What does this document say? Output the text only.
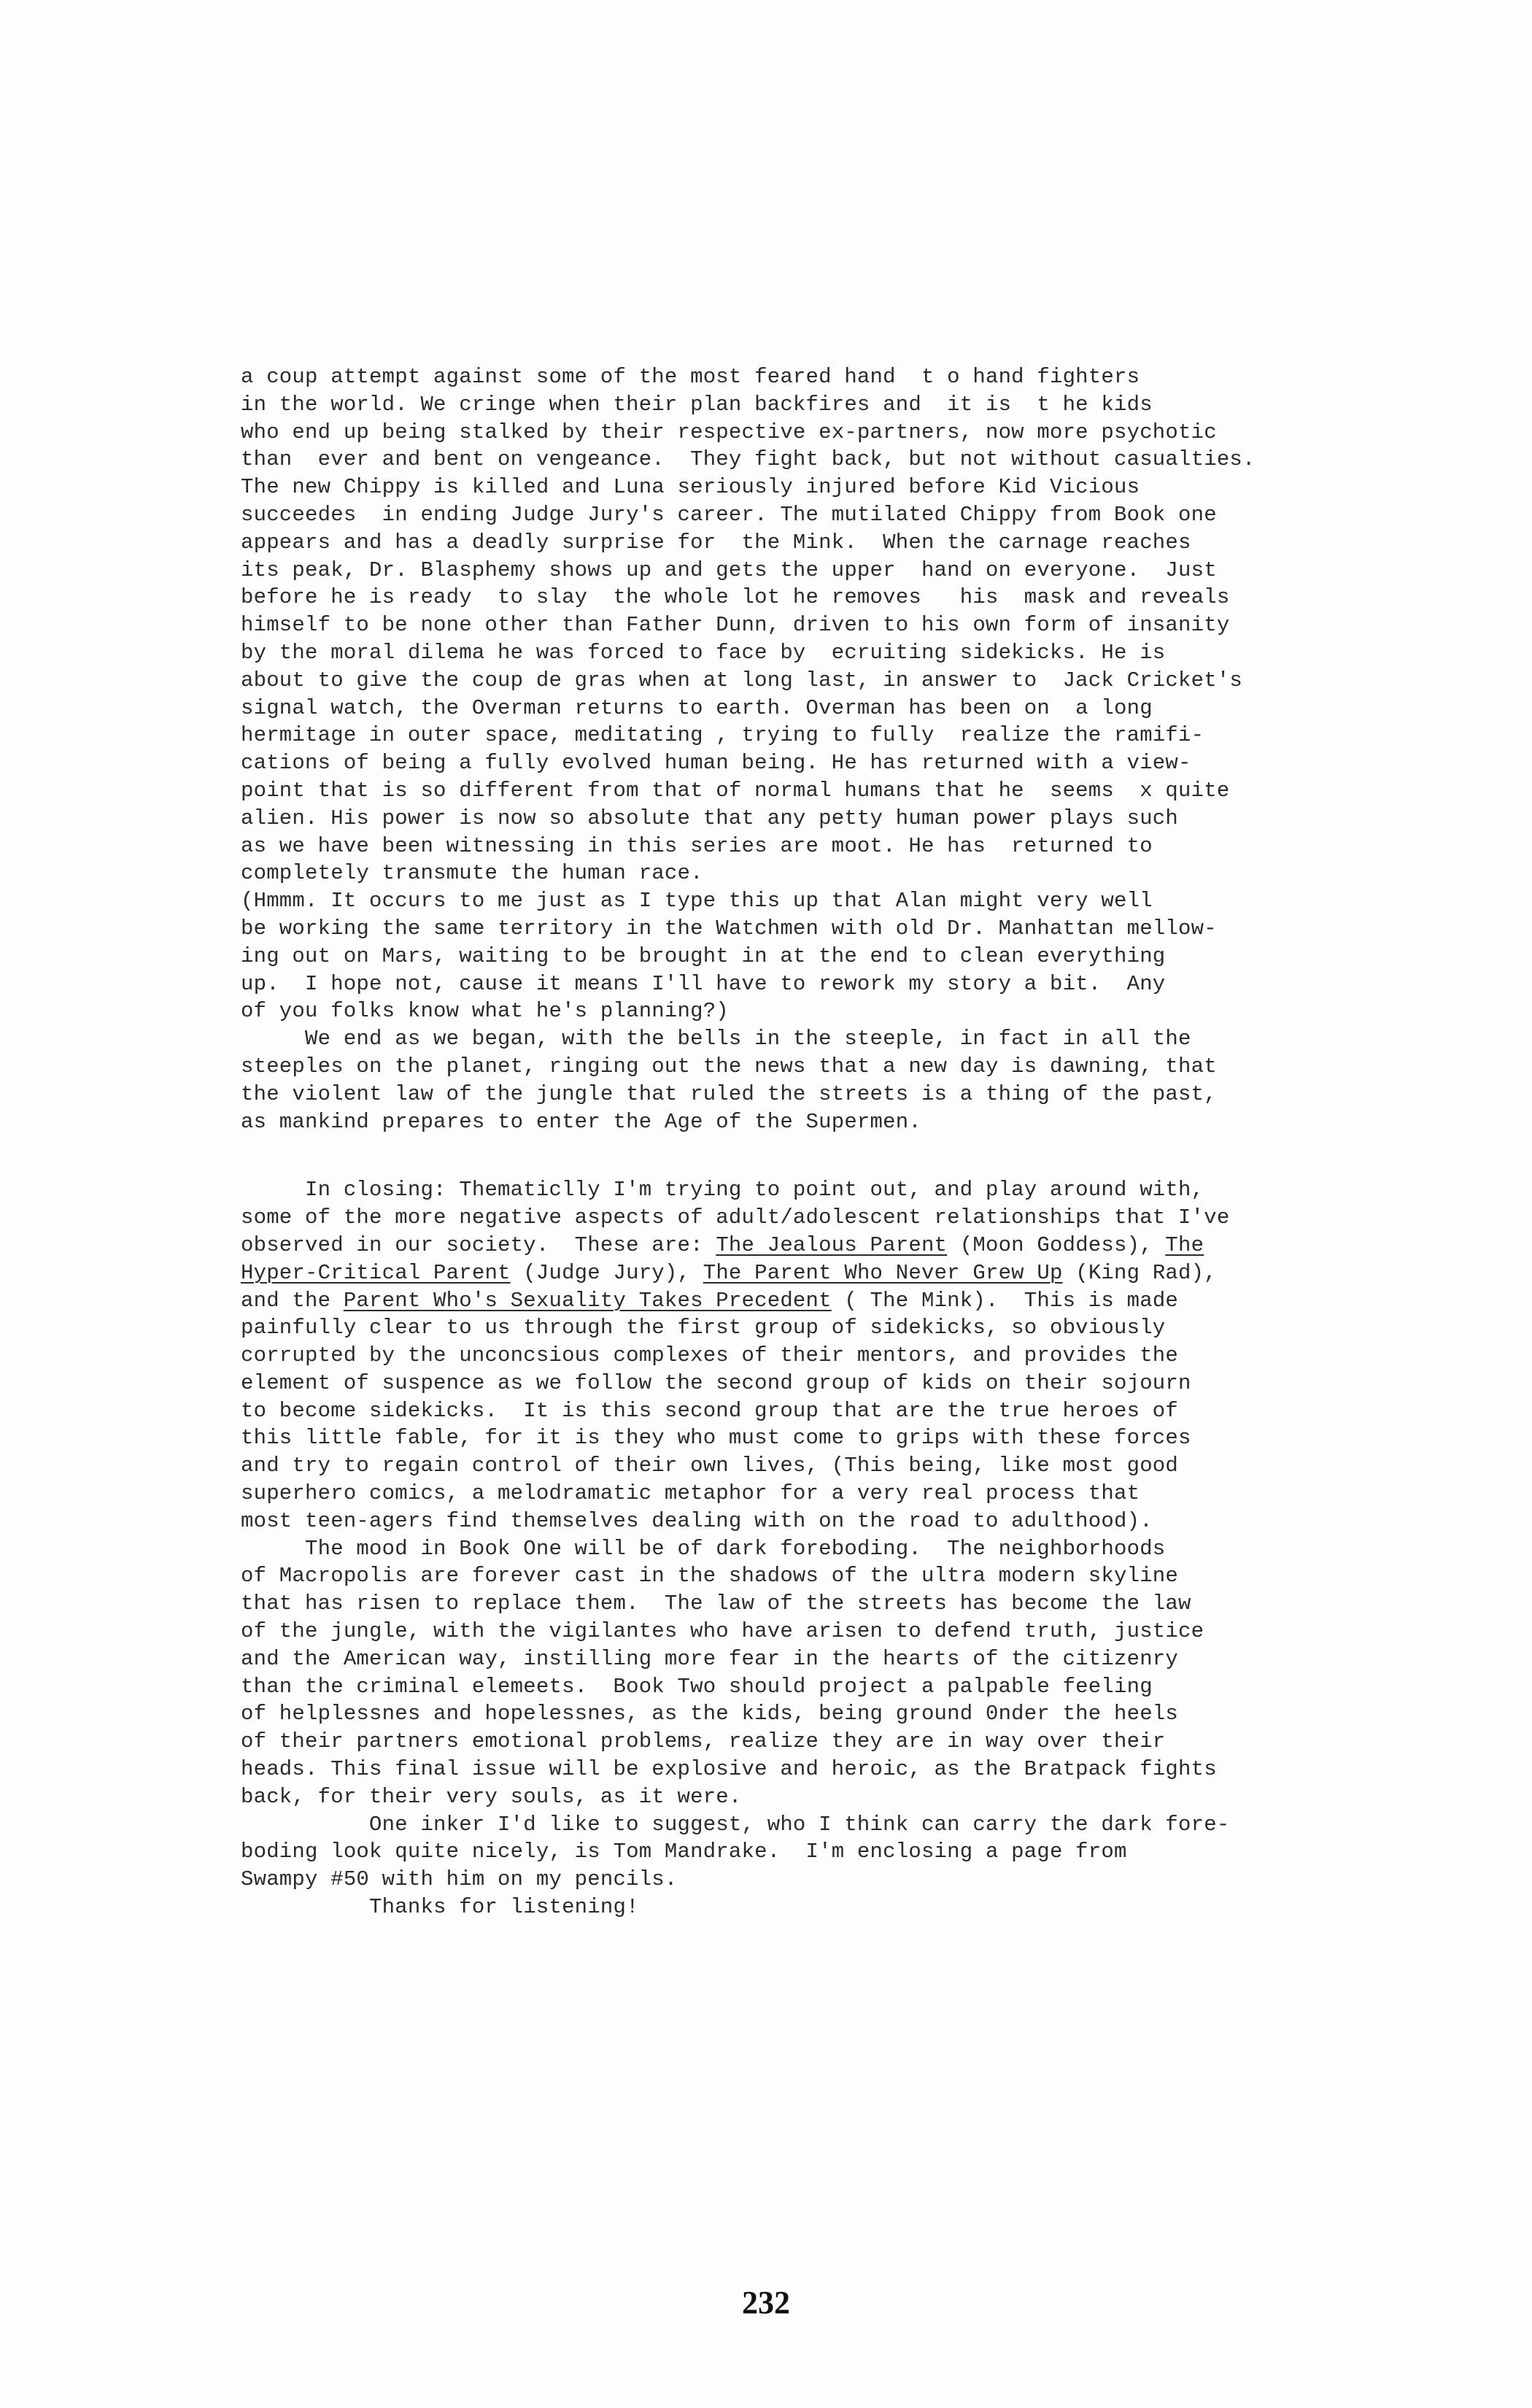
a coup attempt against some of the most feared hand  t o hand fighters
in the world. We cringe when their plan backfires and  it is  t he kids
who end up being stalked by their respective ex-partners, now more psychotic
than  ever and bent on vengeance.  They fight back, but not without casualties.
The new Chippy is killed and Luna seriously injured before Kid Vicious
succeedes  in ending Judge Jury's career. The mutilated Chippy from Book one
appears and has a deadly surprise for  the Mink.  When the carnage reaches
its peak, Dr. Blasphemy shows up and gets the upper  hand on everyone.  Just
before he is ready  to slay  the whole lot he removes   his  mask and reveals
himself to be none other than Father Dunn, driven to his own form of insanity
by the moral dilema he was forced to face by  ecruiting sidekicks. He is
about to give the coup de gras when at long last, in answer to  Jack Cricket's
signal watch, the Overman returns to earth. Overman has been on  a long
hermitage in outer space, meditating , trying to fully  realize the ramifi-
cations of being a fully evolved human being. He has returned with a view-
point that is so different from that of normal humans that he  seems  x quite
alien. His power is now so absolute that any petty human power plays such
as we have been witnessing in this series are moot. He has  returned to
completely transmute the human race.
(Hmmm. It occurs to me just as I type this up that Alan might very well
be working the same territory in the Watchmen with old Dr. Manhattan mellow-
ing out on Mars, waiting to be brought in at the end to clean everything
up.  I hope not, cause it means I'll have to rework my story a bit.  Any
of you folks know what he's planning?)
We end as we began, with the bells in the steeple, in fact in all the
steeples on the planet, ringing out the news that a new day is dawning, that
the violent law of the jungle that ruled the streets is a thing of the past,
as mankind prepares to enter the Age of the Supermen.
In closing: Thematiclly I'm trying to point out, and play around with,
some of the more negative aspects of adult/adolescent relationships that I've
observed in our society.  These are: The Jealous Parent (Moon Goddess), The
Hyper-Critical Parent (Judge Jury), The Parent Who Never Grew Up (King Rad),
and the Parent Who's Sexuality Takes Precedent ( The Mink).  This is made
painfully clear to us through the first group of sidekicks, so obviously
corrupted by the unconcsious complexes of their mentors, and provides the
element of suspence as we follow the second group of kids on their sojourn
to become sidekicks.  It is this second group that are the true heroes of
this little fable, for it is they who must come to grips with these forces
and try to regain control of their own lives, (This being, like most good
superhero comics, a melodramatic metaphor for a very real process that
most teen-agers find themselves dealing with on the road to adulthood).
The mood in Book One will be of dark foreboding.  The neighborhoods
of Macropolis are forever cast in the shadows of the ultra modern skyline
that has risen to replace them.  The law of the streets has become the law
of the jungle, with the vigilantes who have arisen to defend truth, justice
and the American way, instilling more fear in the hearts of the citizenry
than the criminal elemeets.  Book Two should project a palpable feeling
of helplessnes and hopelessnes, as the kids, being ground 0nder the heels
of their partners emotional problems, realize they are in way over their
heads. This final issue will be explosive and heroic, as the Bratpack fights
back, for their very souls, as it were.
One inker I'd like to suggest, who I think can carry the dark fore-
boding look quite nicely, is Tom Mandrake.  I'm enclosing a page from
Swampy #50 with him on my pencils.
Thanks for listening!
232
